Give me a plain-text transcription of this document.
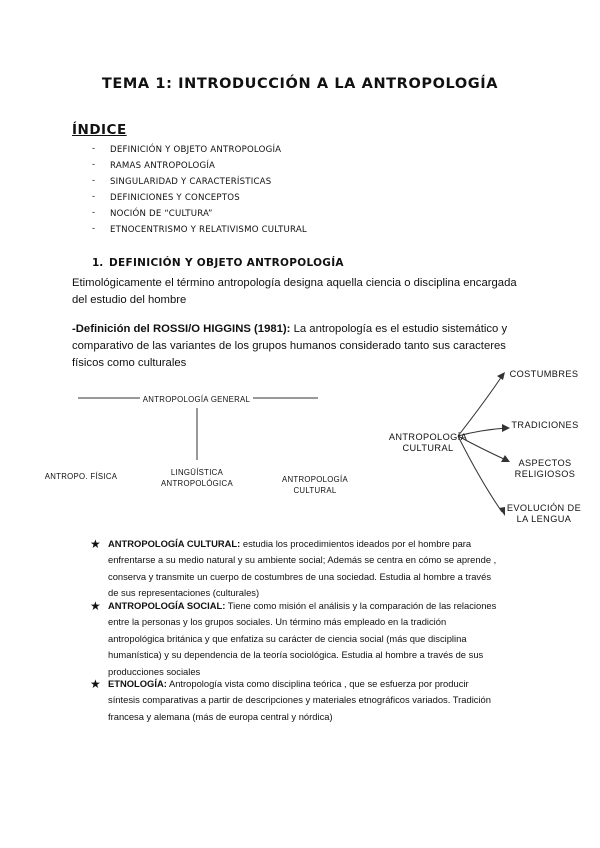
TEMA 1: INTRODUCCIÓN A LA ANTROPOLOGÍA
ÍNDICE
- DEFINICIÓN Y OBJETO ANTROPOLOGÍA
- RAMAS ANTROPOLOGÍA
- SINGULARIDAD Y CARACTERÍSTICAS
- DEFINICIONES Y CONCEPTOS
- NOCIÓN DE “CULTURA”
- ETNOCENTRISMO Y RELATIVISMO CULTURAL
1. DEFINICIÓN Y OBJETO ANTROPOLOGÍA
Etimológicamente el término antropología designa aquella ciencia o disciplina encargada
del estudio del hombre
-Definición del ROSSI/O HIGGINS (1981): La antropología es el estudio sistemático y
comparativo de las variantes de los grupos humanos considerado tanto sus caracteres
físicos como culturales
ANTROPOLOGÍA GENERAL
ANTROPO. FÍSICA	LINGÜÍSTICA
ANTROPOLÓGICA	ANTROPOLOGÍA CULTURAL
ANTROPOLOGÍA
CULTURAL
COSTUMBRES
TRADICIONES
ASPECTOS
RELIGIOSOS
EVOLUCIÓN DE
LA LENGUA
★ ANTROPOLOGÍA CULTURAL: estudia los procedimientos ideados por el hombre para
enfrentarse a su medio natural y su ambiente social; Además se centra en cómo se aprende ,
conserva y transmite un cuerpo de costumbres de una sociedad. Estudia al hombre a través
de sus representaciones (culturales)
★ ANTROPOLOGÍA SOCIAL: Tiene como misión el análisis y la comparación de las relaciones
entre la personas y los grupos sociales. Un término más empleado en la tradición
antropológica británica y que enfatiza su carácter de ciencia social (más que disciplina
humanística) y su dependencia de la teoría sociológica. Estudia al hombre a través de sus
producciones sociales
★ ETNOLOGÍA: Antropología vista como disciplina teórica , que se esfuerza por producir
síntesis comparativas a partir de descripciones y materiales etnográficos variados. Tradición
francesa y alemana (más de europa central y nórdica)
